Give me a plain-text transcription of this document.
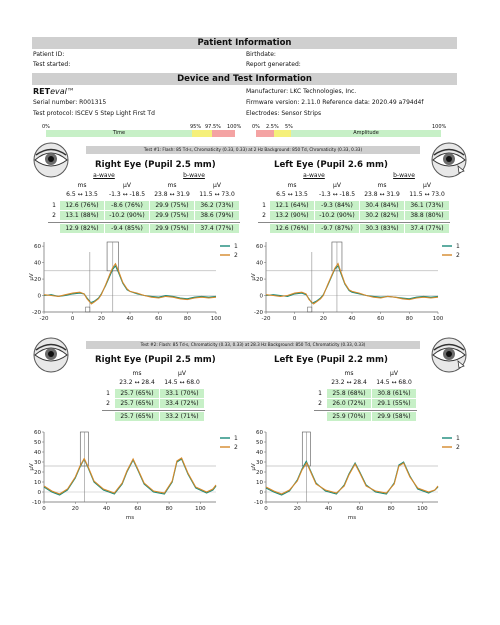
Patient Information
Patient ID:
Test started:
Birthdate:
Report generated:
Device and Test Information
RETeval™
Serial number: R001315
Test protocol: ISCEV 5 Step Light First Td
Manufacturer: LKC Technologies, Inc.
Firmware version: 2.11.0 Reference data: 2020.49 a794d4f
Electrodes: Sensor Strips
0%	95% 97.5% 100% 0% 2.5% 5%	100%
Time	Amplitude
Test #1: Flash: 85 Td·s, Chromaticity (0.33, 0.33) at 2 Hz Background: 850 Td, Chromaticity (0.33, 0.33)
Right Eye (Pupil 2.5 mm)	Left Eye (Pupil 2.6 mm)
a-wave	b-wave
ms	µV	ms	µV
6.5 ↔ 13.5	-1.3 ↔ -18.5	23.8 ↔ 31.9	11.5 ↔ 73.0
1	12.6 (76%)	-8.6 (76%)	29.9 (75%)	36.2 (73%)
2	13.1 (88%)	-10.2 (90%)	29.9 (75%)	38.6 (79%)
12.9 (82%)	-9.4 (85%)	29.9 (75%)	37.4 (77%)
a-wave	b-wave
ms	µV	ms	µV
6.5 ↔ 13.5	-1.3 ↔ -18.5	23.8 ↔ 31.9	11.5 ↔ 73.0
1	12.1 (64%)	-9.3 (84%)	30.4 (84%)	36.1 (73%)
2	13.2 (90%)	-10.2 (90%)	30.2 (82%)	38.8 (80%)
12.6 (76%)	-9.7 (87%)	30.3 (83%)	37.4 (77%)
-20
0
20
40
60
-20	0	20	40	60	80	100
µV
1
2
-20
0
20
40
60
-20	0	20	40	60	80	100
µV
1
2
Test #2: Flash: 85 Td·s, Chromaticity (0.33, 0.33) at 28.3 Hz Background: 850 Td, Chromaticity (0.33, 0.33)
Right Eye (Pupil 2.5 mm)	Left Eye (Pupil 2.2 mm)
ms	µV
23.2 ↔ 28.4	14.5 ↔ 68.0
1	25.7 (65%)	33.1 (70%)
2	25.7 (65%)	33.4 (72%)
25.7 (65%)	33.2 (71%)
ms	µV
23.2 ↔ 28.4	14.5 ↔ 68.0
1	25.8 (68%)	30.8 (61%)
2	26.0 (72%)	29.1 (55%)
25.9 (70%)	29.9 (58%)
-10
0
10
20
30
40
50
60
0	20	40	60	80	100
µV
ms
1
2
-10
0
10
20
30
40
50
60
0	20	40	60	80	100
µV
ms
1
2
